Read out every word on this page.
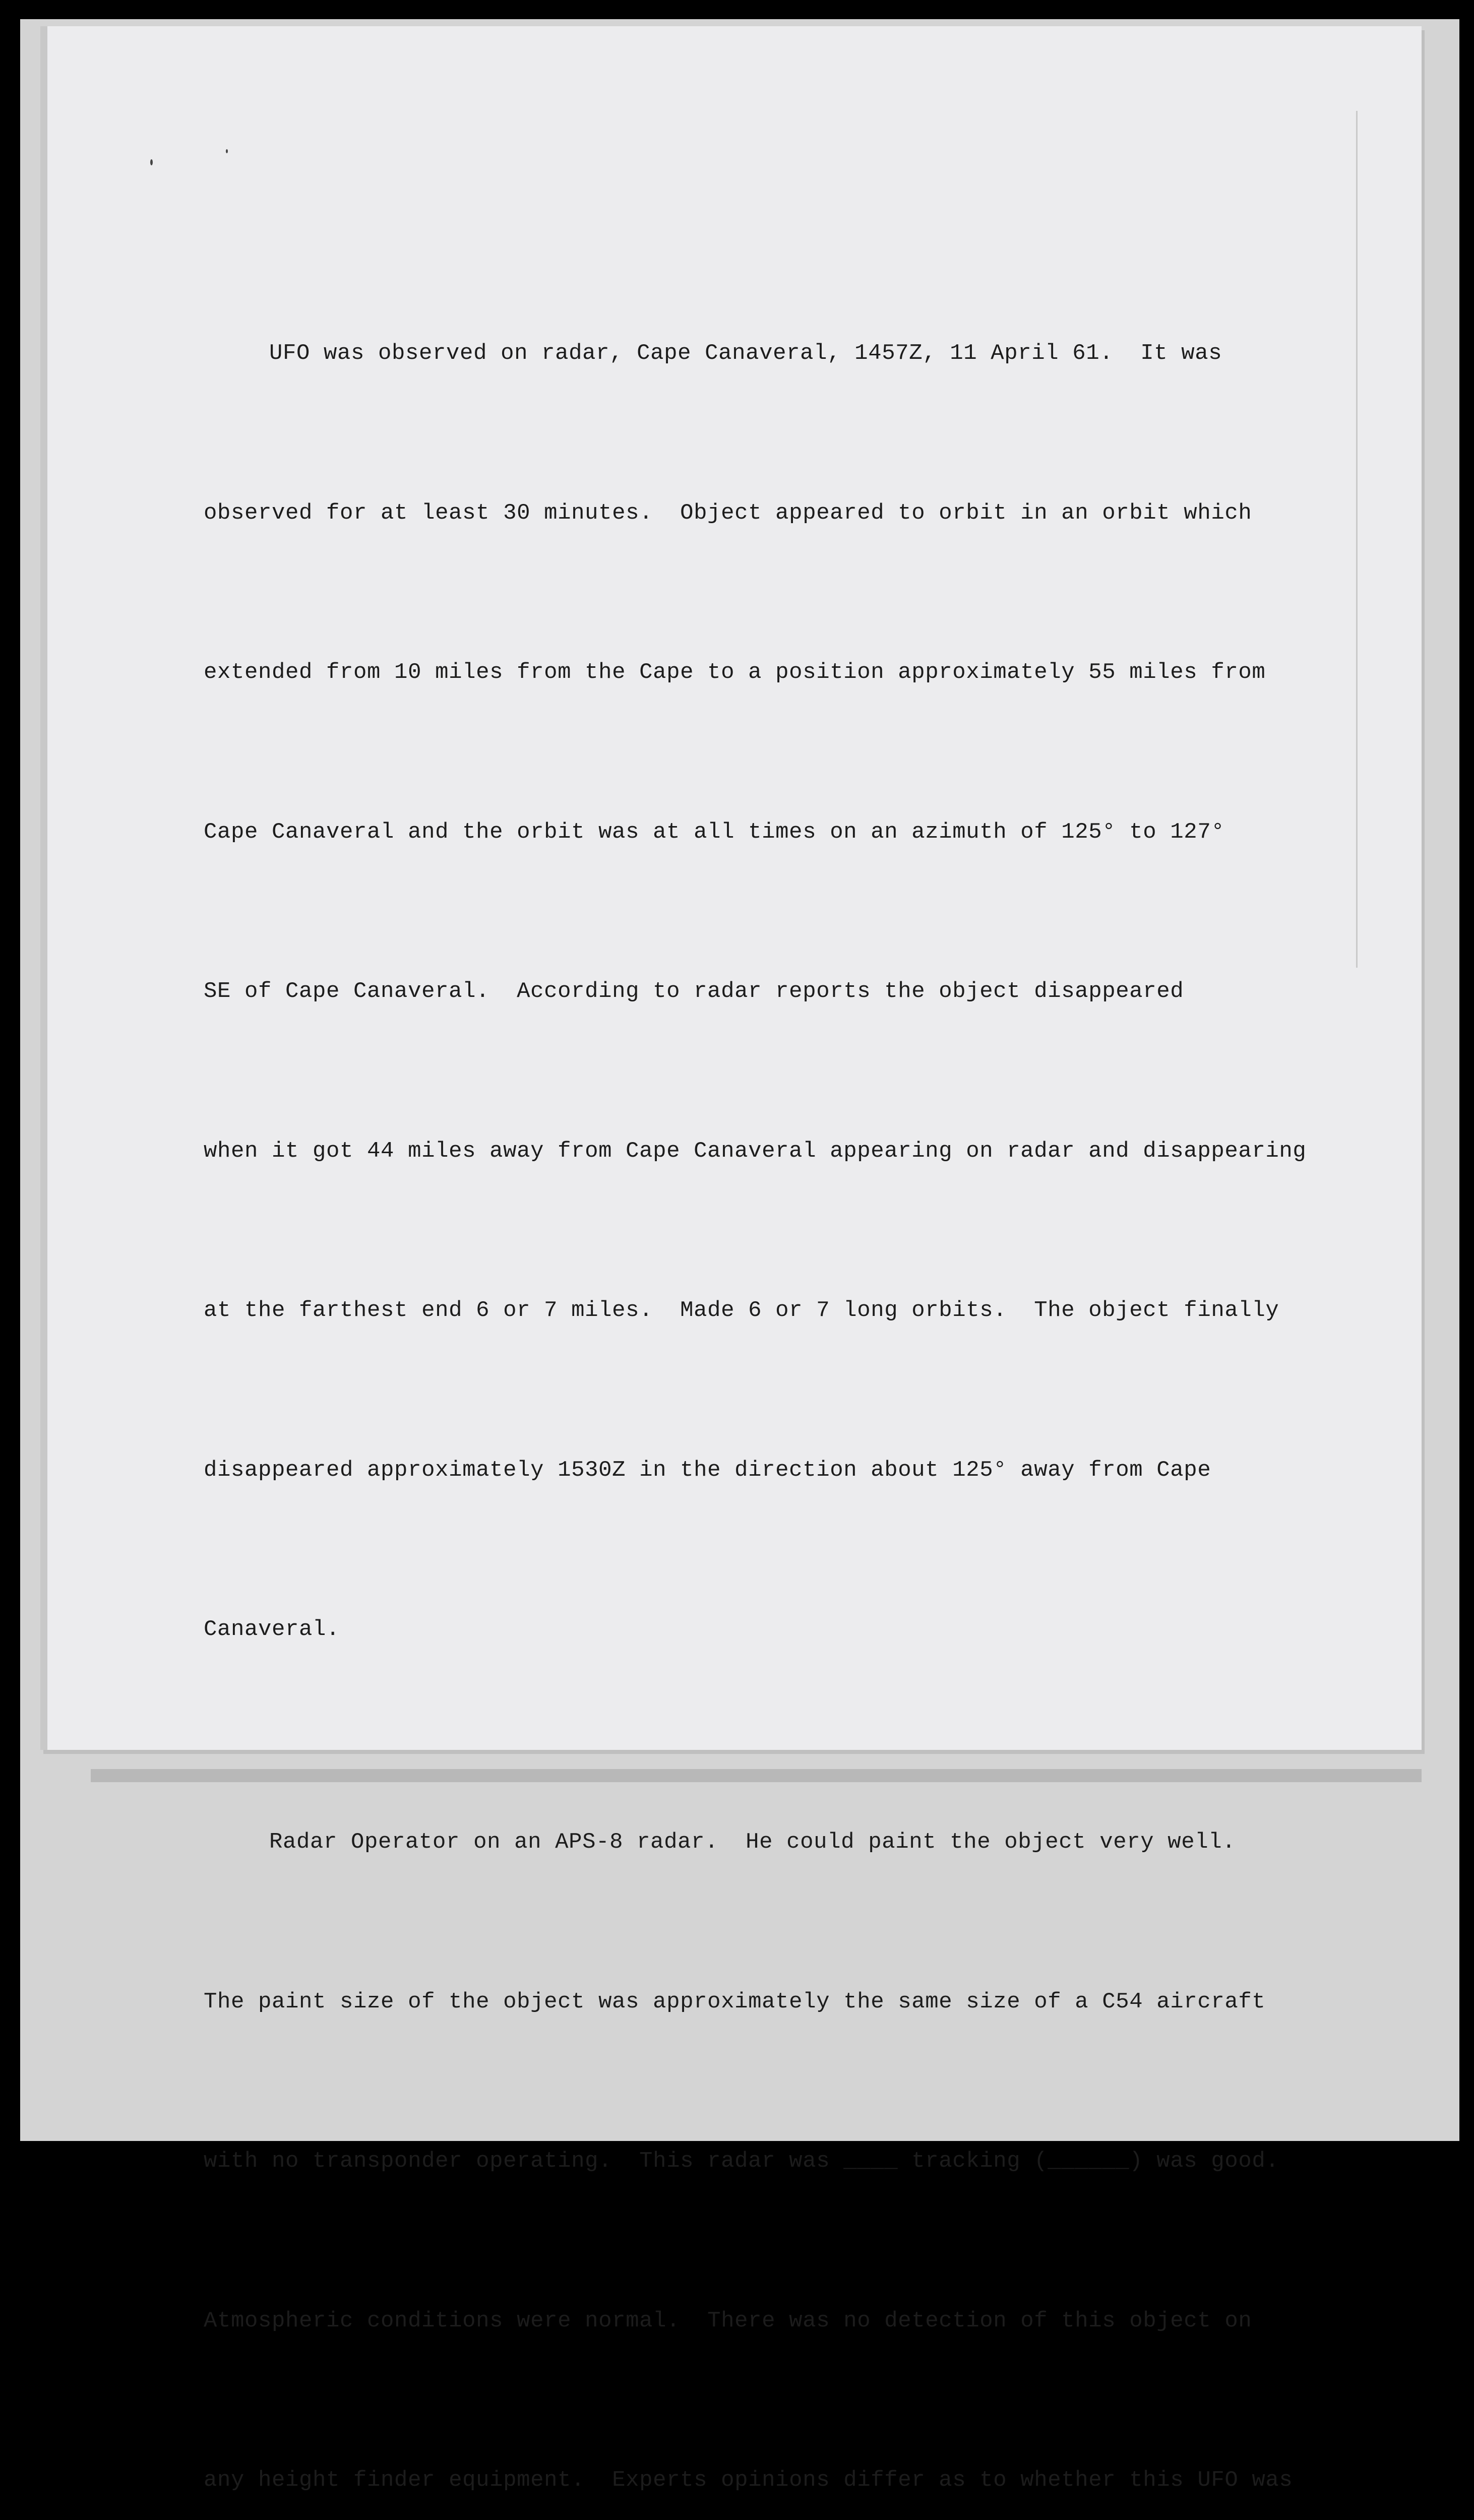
UFO was observed on radar, Cape Canaveral, 1457Z, 11 April 61.  It was

observed for at least 30 minutes.  Object appeared to orbit in an orbit which

extended from 10 miles from the Cape to a position approximately 55 miles from

Cape Canaveral and the orbit was at all times on an azimuth of 125° to 127°

SE of Cape Canaveral.  According to radar reports the object disappeared

when it got 44 miles away from Cape Canaveral appearing on radar and disappearing

at the farthest end 6 or 7 miles.  Made 6 or 7 long orbits.  The object finally

disappeared approximately 1530Z in the direction about 125° away from Cape

Canaveral.

Radar Operator on an APS-8 radar.  He could paint the object very well.

The paint size of the object was approximately the same size of a C54 aircraft

with no transponder operating.  This radar was ____ tracking (______) was good.

Atmospheric conditions were normal.  There was no detection of this object on

any height finder equipment.  Experts opinions differ as to whether this UFO was
